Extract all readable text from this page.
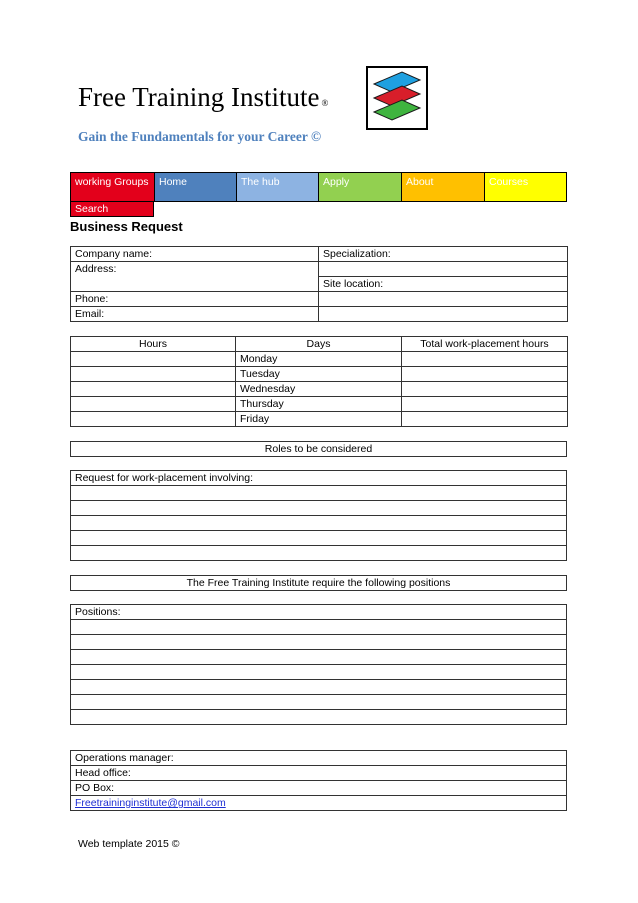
Free Training Institute ®
Gain the Fundamentals for your Career ©
working Groups Home	The hub	Apply	About	Courses
Search
Business Request
Company name:	Specialization:
Address:	
	Site location:
Phone:	
Email:	
Hours	Days	Total work-placement hours
	Monday	
	Tuesday	
	Wednesday	
	Thursday	
	Friday	
Roles to be considered
Request for work-placement involving:

The Free Training Institute require the following positions
Positions:

Operations manager:
Head office:
PO Box:
Freetraininginstitute@gmail.com
Web template 2015 ©
